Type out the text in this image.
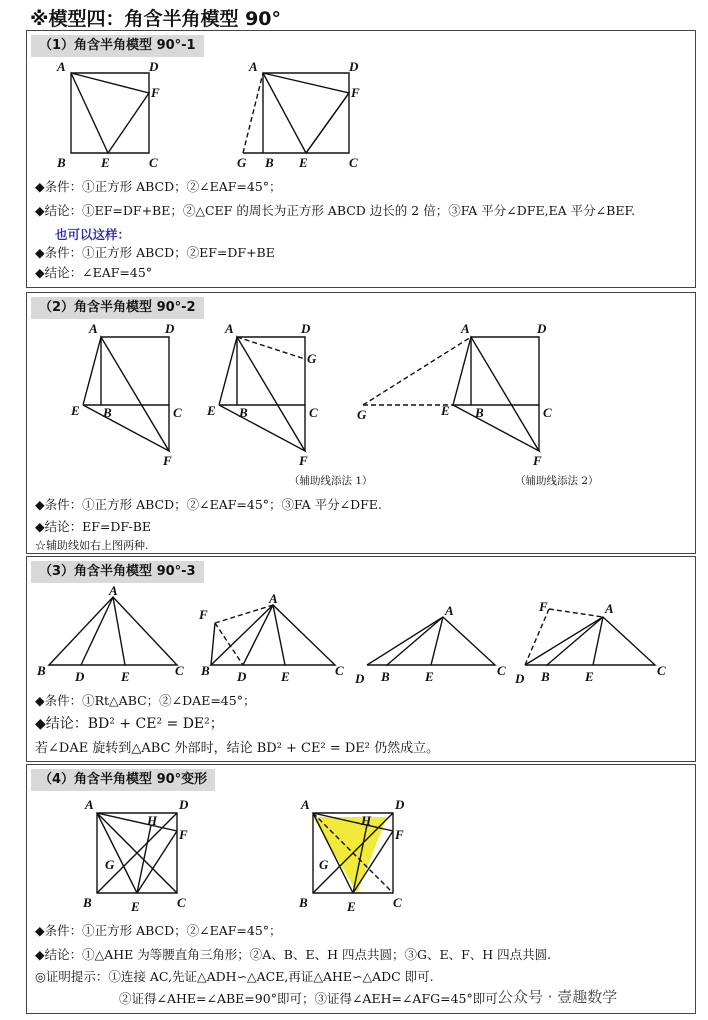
※模型四：角含半角模型 90°
（1）角含半角模型 90°-1
A	D
F
B	E	C
A	D
F
G B E	C
◆条件：①正方形 ABCD；②∠EAF=45°；
◆结论：①EF=DF+BE；②△CEF 的周长为正方形 ABCD 边长的 2 倍；③FA 平分∠DFE,EA 平分∠BEF.
也可以这样：
◆条件：①正方形 ABCD；②EF=DF+BE
◆结论：∠EAF=45°
（2）角含半角模型 90°-2
A	D
E B	C
F
A	D
G
E B	C
F
A	D
G	E B	C
F
（辅助线添法 1）	（辅助线添法 2）
◆条件：①正方形 ABCD；②∠EAF=45°；③FA 平分∠DFE.
◆结论：EF=DF-BE
☆辅助线如右上图两种.
（3）角含半角模型 90°-3
A
B D	E	C
A
F
B D	E	C
A
D B	E	C
A
F
D B	E	C
◆条件：①Rt△ABC；②∠DAE=45°；
◆结论：BD² + CE² = DE²；
若∠DAE 旋转到△ABC 外部时，结论 BD² + CE² = DE² 仍然成立。
（4）角含半角模型 90°变形
A	D
H
F
G
B	E	C
A	D
H
F
G
B	E	C
◆条件：①正方形 ABCD；②∠EAF=45°；
◆结论：①△AHE 为等腰直角三角形；②A、B、E、H 四点共圆；③G、E、F、H 四点共圆.
◎证明提示：①连接 AC,先证△ADH∽△ACE,再证△AHE∽△ADC 即可.
②证得∠AHE=∠ABE=90°即可；③证得∠AEH=∠AFG=45°即可.
公众号 · 壹趣数学
